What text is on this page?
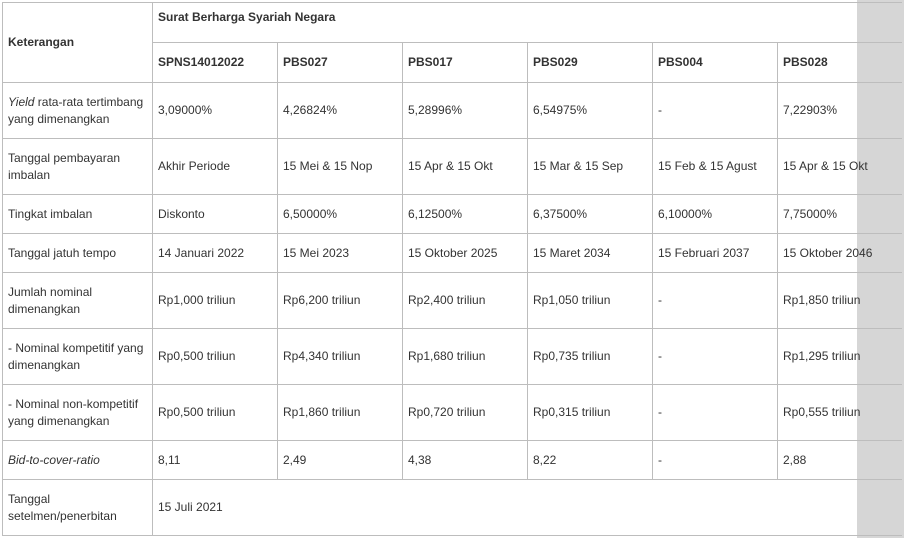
Keterangan	Surat Berharga Syariah Negara					
	SPNS14012022	PBS027	PBS017	PBS029	PBS004	PBS028
Yield rata-rata tertimbang yang dimenangkan	3,09000%	4,26824%	5,28996%	6,54975%	-	7,22903%
Tanggal pembayaran imbalan	Akhir Periode	15 Mei & 15 Nop	15 Apr & 15 Okt	15 Mar & 15 Sep	15 Feb & 15 Agust	15 Apr & 15 Okt
Tingkat imbalan	Diskonto	6,50000%	6,12500%	6,37500%	6,10000%	7,75000%
Tanggal jatuh tempo	14 Januari 2022	15 Mei 2023	15 Oktober 2025	15 Maret 2034	15 Februari 2037	15 Oktober 2046
Jumlah nominal dimenangkan	Rp1,000 triliun	Rp6,200 triliun	Rp2,400 triliun	Rp1,050 triliun	-	Rp1,850 triliun
- Nominal kompetitif yang dimenangkan	Rp0,500 triliun	Rp4,340 triliun	Rp1,680 triliun	Rp0,735 triliun	-	Rp1,295 triliun
- Nominal non-kompetitif yang dimenangkan	Rp0,500 triliun	Rp1,860 triliun	Rp0,720 triliun	Rp0,315 triliun	-	Rp0,555 triliun
Bid-to-cover-ratio	8,11	2,49	4,38	8,22	-	2,88
Tanggal setelmen/penerbitan	15 Juli 2021					
